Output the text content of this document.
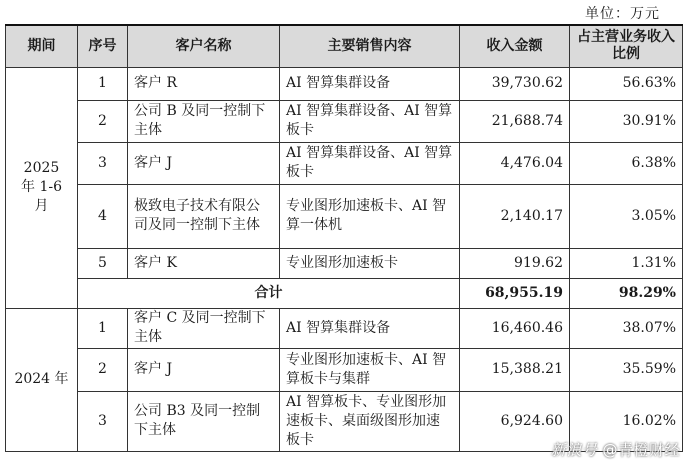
单位：万元
期间	序号	客户名称	主要销售内容	收入金额	占主营业务收入比例

2025 年 1-6 月	1	客户 R	AI 智算集群设备	39,730.62	56.63%
	2	公司 B 及同一控制下主体	AI 智算集群设备、AI 智算板卡	21,688.74	30.91%
	3	客户 J	AI 智算集群设备、AI 智算板卡	4,476.04	6.38%
	4	极致电子技术有限公司及同一控制下主体	专业图形加速板卡、AI 智算一体机	2,140.17	3.05%
	5	客户 K	专业图形加速板卡	919.62	1.31%
	合计			68,955.19	98.29%

2024 年	1	客户 C 及同一控制下主体	AI 智算集群设备	16,460.46	38.07%
	2	客户 J	专业图形加速板卡、AI 智算板卡与集群	15,388.21	35.59%
	3	公司 B3 及同一控制下主体	AI 智算板卡、专业图形加速板卡、桌面级图形加速板卡	6,924.60	16.02%
新浪号 @青橙财经
